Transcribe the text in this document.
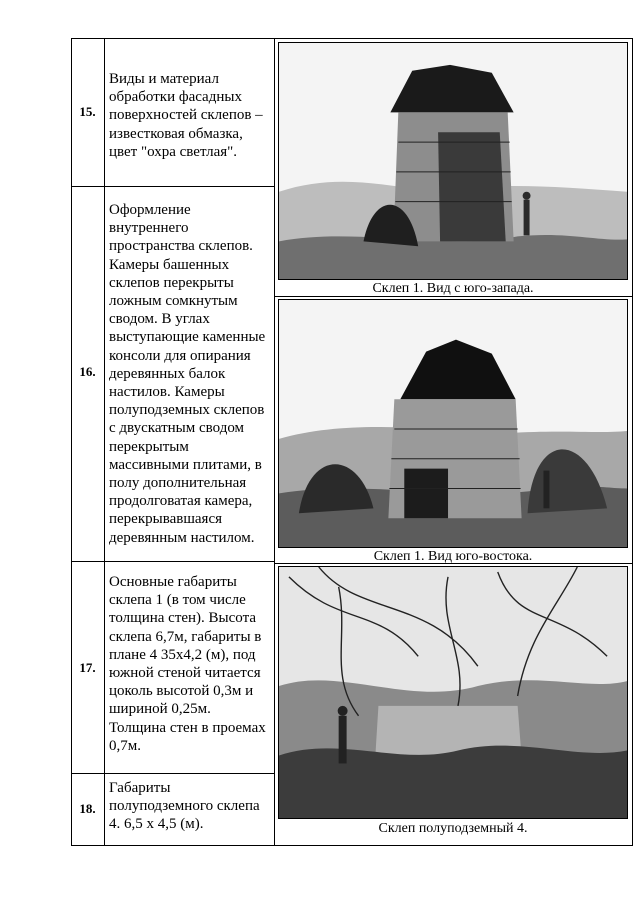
15.
16.
17.
18.
Виды и материал обработки фасадных поверхностей склепов – известковая обмазка, цвет "охра светлая".
Оформление внутреннего пространства склепов. Камеры башенных склепов перекрыты ложным сомкнутым сводом. В углах выступающие каменные консоли для опирания деревянных балок настилов. Камеры полуподземных склепов с двускатным сводом перекрытым массивными плитами, в полу дополнительная продолговатая камера, перекрывавшаяся деревянным настилом.
Основные габариты склепа 1 (в том числе толщина стен). Высота склепа 6,7м, габариты в плане 4 35х4,2 (м), под южной стеной читается цоколь высотой 0,3м и шириной 0,25м. Толщина стен в проемах 0,7м.
Габариты полуподземного склепа 4. 6,5 х 4,5 (м).
Склеп 1. Вид с юго-запада.
Склеп 1. Вид юго-востока.
Склеп полуподземный 4.
